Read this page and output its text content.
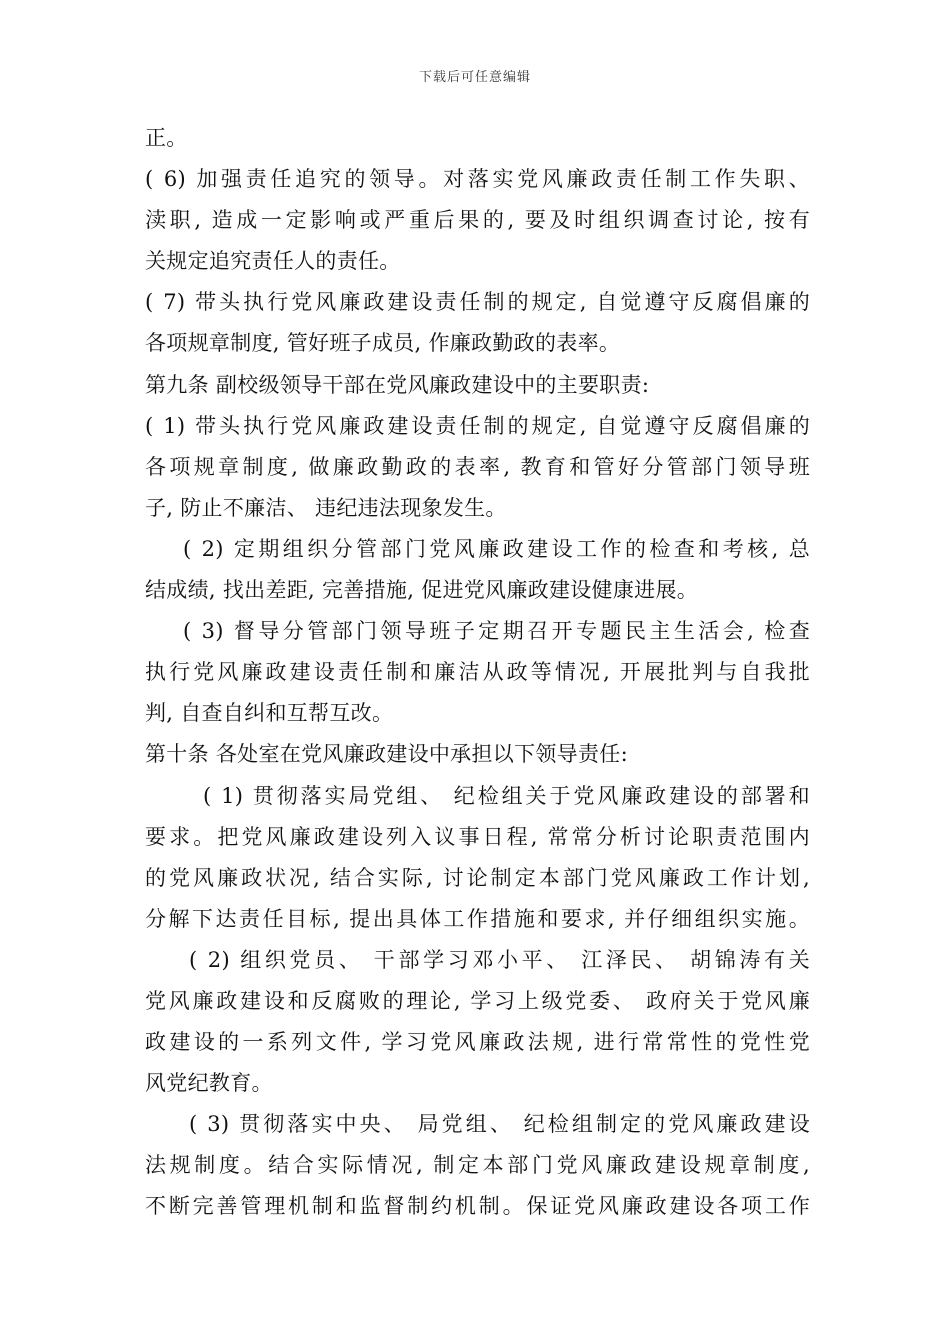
下载后可任意编辑
正。
( 6) 加强责任追究的领导。对落实党风廉政责任制工作失职、
渎职, 造成一定影响或严重后果的, 要及时组织调查讨论, 按有
关规定追究责任人的责任。
( 7) 带头执行党风廉政建设责任制的规定, 自觉遵守反腐倡廉的
各项规章制度, 管好班子成员, 作廉政勤政的表率。
第九条 副校级领导干部在党风廉政建设中的主要职责:
( 1) 带头执行党风廉政建设责任制的规定, 自觉遵守反腐倡廉的
各项规章制度, 做廉政勤政的表率, 教育和管好分管部门领导班
子, 防止不廉洁、 违纪违法现象发生。
( 2) 定期组织分管部门党风廉政建设工作的检查和考核, 总
结成绩, 找出差距, 完善措施, 促进党风廉政建设健康进展。
( 3) 督导分管部门领导班子定期召开专题民主生活会, 检查
执行党风廉政建设责任制和廉洁从政等情况, 开展批判与自我批
判, 自查自纠和互帮互改。
第十条 各处室在党风廉政建设中承担以下领导责任:
( 1) 贯彻落实局党组、 纪检组关于党风廉政建设的部署和
要求。把党风廉政建设列入议事日程, 常常分析讨论职责范围内
的党风廉政状况, 结合实际, 讨论制定本部门党风廉政工作计划,
分解下达责任目标, 提出具体工作措施和要求, 并仔细组织实施。
( 2) 组织党员、 干部学习邓小平、 江泽民、 胡锦涛有关
党风廉政建设和反腐败的理论, 学习上级党委、 政府关于党风廉
政建设的一系列文件, 学习党风廉政法规, 进行常常性的党性党
风党纪教育。
( 3) 贯彻落实中央、 局党组、 纪检组制定的党风廉政建设
法规制度。结合实际情况, 制定本部门党风廉政建设规章制度,
不断完善管理机制和监督制约机制。保证党风廉政建设各项工作
